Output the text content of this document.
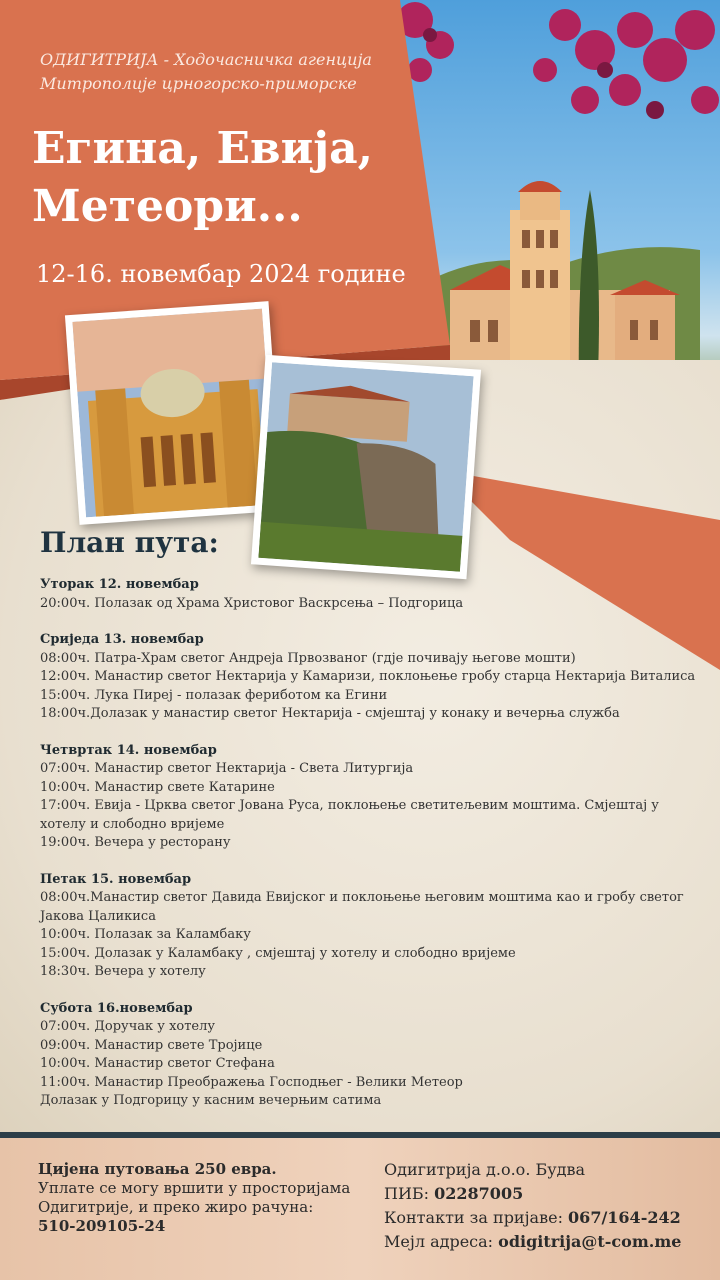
ОДИГИТРИЈА - Ходочасничка агенција
Митрополије црногорско-приморске
Егина, Евија,
Метеори...
12-16. новембар 2024 године
План пута:
Уторак 12. новембар
20:00ч. Полазак од Храма Христовог Васкрсења – Подгорица
Сриједа 13. новембар
08:00ч. Патра-Храм светог Андреја Првозваног (гдје почивају његове мошти)
12:00ч. Манастир светог Нектарија у Камаризи, поклоњење гробу старца Нектарија Виталиса
15:00ч. Лука Пиреј - полазак фериботом ка Егини
18:00ч.Долазак у манастир светог Нектарија - смјештај у конаку и вечерња служба
Четвртак 14. новембар
07:00ч. Манастир светог Нектарија - Света Литургија
10:00ч. Манастир свете Катарине
17:00ч. Евија - Црква светог Јована Руса, поклоњење светитељевим моштима. Смјештај у хотелу и слободно вријеме
19:00ч. Вечера у ресторану
Петак 15. новембар
08:00ч.Манастир светог Давида Евијског и поклоњење његовим моштима као и гробу светог Јакова Цаликиса
10:00ч. Полазак за Каламбаку
15:00ч. Долазак у Каламбаку , смјештај у хотелу и слободно вријеме
18:30ч. Вечера у хотелу
Субота 16.новембар
07:00ч. Доручак у хотелу
09:00ч. Манастир свете Тројице
10:00ч. Манастир светог Стефана
11:00ч. Манастир Преображења Господњег - Велики Метеор
Долазак у Подгорицу у касним вечерњим сатима
Цијена путовања 250 евра.
Уплате се могу вршити у просторијама
Одигитрије, и преко жиро рачуна:
510-209105-24
Одигитрија д.о.о. Будва
ПИБ: 02287005
Контакти за пријаве: 067/164-242
Мејл адреса: odigitrija@t-com.me
